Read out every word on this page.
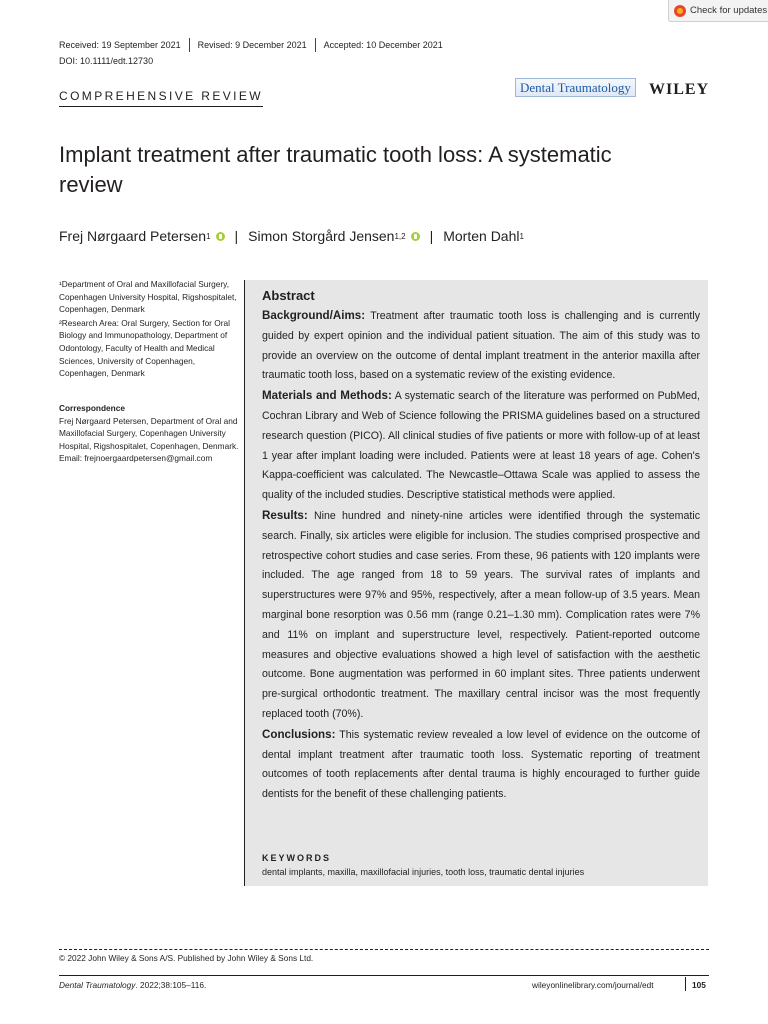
Check for updates
Received: 19 September 2021 Revised: 9 December 2021 Accepted: 10 December 2021
DOI: 10.1111/edt.12730
COMPREHENSIVE REVIEW
Dental Traumatology	WILEY
Implant treatment after traumatic tooth loss: A systematic review
Frej Nørgaard Petersen 1 | Simon Storgård Jensen 1,2 | Morten Dahl 1

¹Department of Oral and Maxillofacial Surgery, Copenhagen University Hospital, Rigshospitalet, Copenhagen, Denmark

²Research Area: Oral Surgery, Section for Oral Biology and Immunopathology, Department of Odontology, Faculty of Health and Medical Sciences, University of Copenhagen, Copenhagen, Denmark

Correspondence
Frej Nørgaard Petersen, Department of Oral and Maxillofacial Surgery, Copenhagen University Hospital, Rigshospitalet, Copenhagen, Denmark.
Email: frejnoergaardpetersen@gmail.com
Abstract

Background/Aims: Treatment after traumatic tooth loss is challenging and is currently guided by expert opinion and the individual patient situation. The aim of this study was to provide an overview on the outcome of dental implant treatment in the anterior maxilla after traumatic tooth loss, based on a systematic review of the existing evidence.

Materials and Methods: A systematic search of the literature was performed on PubMed, Cochran Library and Web of Science following the PRISMA guidelines based on a structured research question (PICO). All clinical studies of five patients or more with follow-up of at least 1 year after implant loading were included. Patients were at least 18 years of age. Cohen's Kappa-coefficient was calculated. The Newcastle–Ottawa Scale was applied to assess the quality of the included studies. Descriptive statistical methods were applied.

Results: Nine hundred and ninety-nine articles were identified through the systematic search. Finally, six articles were eligible for inclusion. The studies comprised prospective and retrospective cohort studies and case series. From these, 96 patients with 120 implants were included. The age ranged from 18 to 59 years. The survival rates of implants and superstructures were 97% and 95%, respectively, after a mean follow-up of 3.5 years. Mean marginal bone resorption was 0.56 mm (range 0.21–1.30 mm). Complication rates were 7% and 11% on implant and superstructure level, respectively. Patient-reported outcome measures and objective evaluations showed a high level of satisfaction with the aesthetic outcome. Bone augmentation was performed in 60 implant sites. Three patients underwent pre-surgical orthodontic treatment. The maxillary central incisor was the most frequently replaced tooth (70%).

Conclusions: This systematic review revealed a low level of evidence on the outcome of dental implant treatment after traumatic tooth loss. Systematic reporting of treatment outcomes of tooth replacements after dental trauma is highly encouraged to further guide dentists for the benefit of these challenging patients.

KEYWORDS
dental implants, maxilla, maxillofacial injuries, tooth loss, traumatic dental injuries
© 2022 John Wiley & Sons A/S. Published by John Wiley & Sons Ltd.
Dental Traumatology. 2022;38:105–116.	wileyonlinelibrary.com/journal/edt	105
